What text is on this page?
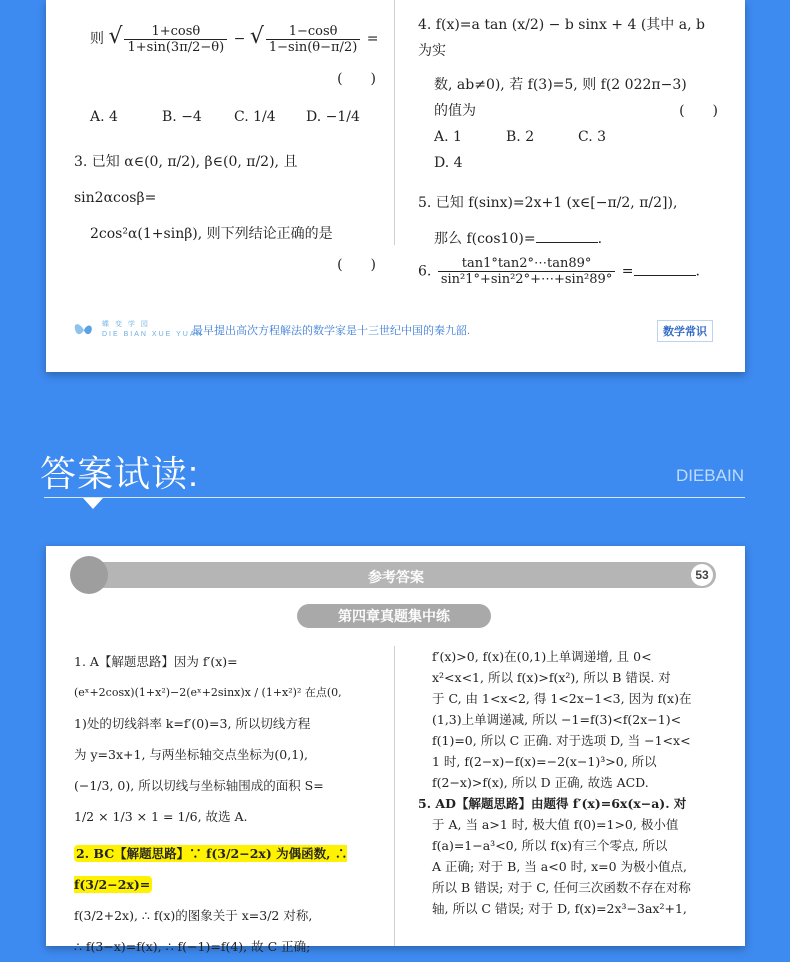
则 √ $\frac{1+\cos\theta}{1+\sin(3\pi/2-\theta)}$ − √ $\frac{1-\cos\theta}{1-\sin(\theta-\pi/2)}$ =
(　　)
A. 4	B. −4 C. 1/4 D. −1/4
3. 已知 α∈(0, π/2), β∈(0, π/2), 且 sin2αcosβ=
2cos²α(1+sinβ), 则下列结论正确的是
(　　)
4. f(x)=a tan (x/2) − b sinx + 4 (其中 a, b 为实
数, ab≠0), 若 f(3)=5, 则 f(2 022π−3)
的值为	(　　)
A. 1	B. 2	C. 3D. 4
5. 已知 f(sinx)=2x+1 (x∈[−π/2, π/2]),
那么 f(cos10)=	.
6. $\frac{\tan 1^\circ\tan 2^\circ\cdots\tan 89^\circ}{\text{sin²1°+sin²2°+⋯+sin²89°}}$ =	.
蝶 变 学 园
DIE BIAN XUE YUAN
最早提出高次方程解法的数学家是十三世纪中国的秦九韶.	数学常识
答案试读:	DIEBAIN
参考答案	53
第四章真题集中练
1. A【解题思路】因为 f′(x)=
(eˣ+2cosx)(1+x²)−2(eˣ+2sinx)x / (1+x²)² 在点(0,
1)处的切线斜率 k=f′(0)=3, 所以切线方程
为 y=3x+1, 与两坐标轴交点坐标为(0,1),
(−1/3, 0), 所以切线与坐标轴围成的面积 S=
1/2 × 1/3 × 1 = 1/6, 故选 A.
2. BC【解题思路】∵ f(3/2−2x) 为偶函数, ∴ f(3/2−2x)=
f(3/2+2x), ∴ f(x)的图象关于 x=3/2 对称,
∴ f(3−x)=f(x), ∴ f(−1)=f(4), 故 C 正确;
f′(x)>0, f(x)在(0,1)上单调递增, 且 0<
x²<x<1, 所以 f(x)>f(x²), 所以 B 错误. 对
于 C, 由 1<x<2, 得 1<2x−1<3, 因为 f(x)在
(1,3)上单调递减, 所以 −1=f(3)<f(2x−1)<
f(1)=0, 所以 C 正确. 对于选项 D, 当 −1<x<
1 时, f(2−x)−f(x)=−2(x−1)³>0, 所以
f(2−x)>f(x), 所以 D 正确, 故选 ACD.
5. AD【解题思路】由题得 f′(x)=6x(x−a). 对
于 A, 当 a>1 时, 极大值 f(0)=1>0, 极小值
f(a)=1−a³<0, 所以 f(x)有三个零点, 所以
A 正确; 对于 B, 当 a<0 时, x=0 为极小值点,
所以 B 错误; 对于 C, 任何三次函数不存在对称
轴, 所以 C 错误; 对于 D, f(x)=2x³−3ax²+1,
